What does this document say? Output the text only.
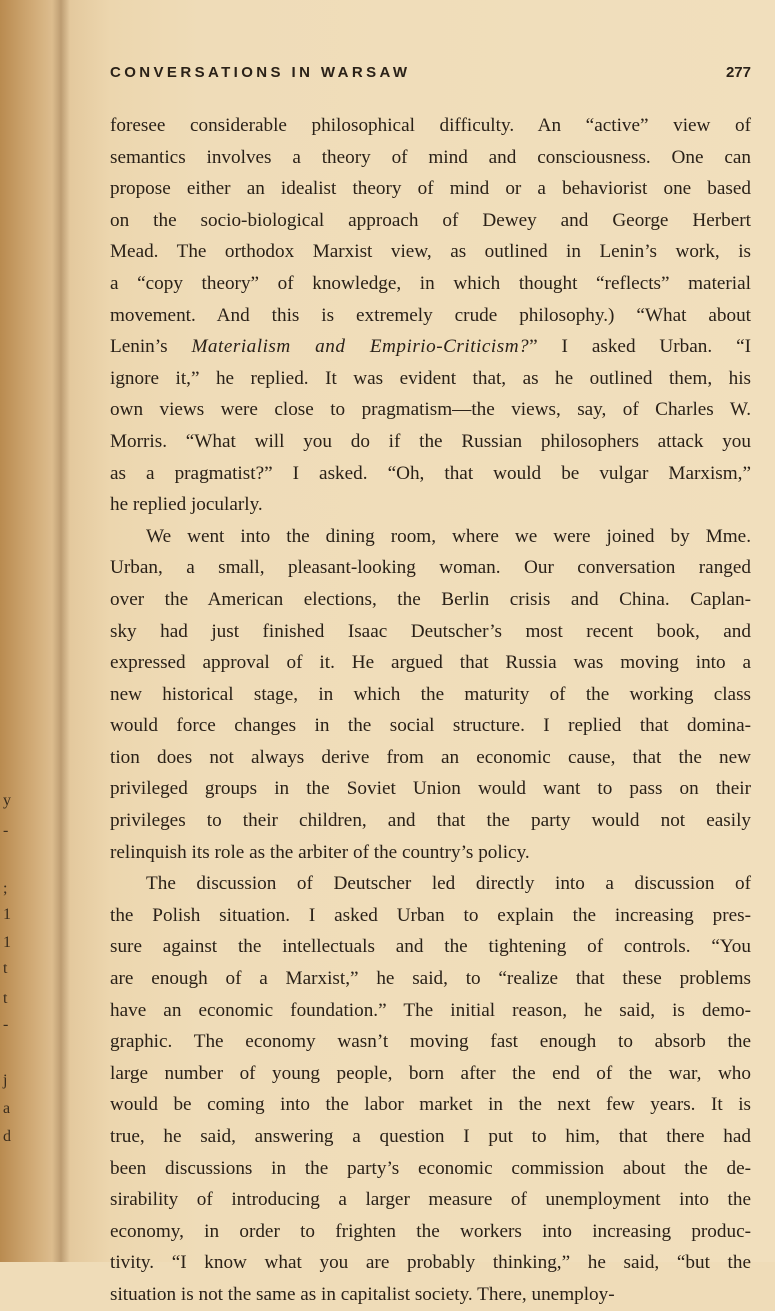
y
-
;
1
1
t
t
-
j
a
d
CONVERSATIONS IN WARSAW	277
foresee considerable philosophical difficulty. An “active” view of
semantics involves a theory of mind and consciousness. One can
propose either an idealist theory of mind or a behaviorist one based
on the socio-biological approach of Dewey and George Herbert
Mead. The orthodox Marxist view, as outlined in Lenin’s work, is
a “copy theory” of knowledge, in which thought “reflects” material
movement. And this is extremely crude philosophy.) “What about
Lenin’s Materialism and Empirio-Criticism?” I asked Urban. “I
ignore it,” he replied. It was evident that, as he outlined them, his
own views were close to pragmatism—the views, say, of Charles W.
Morris. “What will you do if the Russian philosophers attack you
as a pragmatist?” I asked. “Oh, that would be vulgar Marxism,”
he replied jocularly.
We went into the dining room, where we were joined by Mme.
Urban, a small, pleasant-looking woman. Our conversation ranged
over the American elections, the Berlin crisis and China. Caplan-
sky had just finished Isaac Deutscher’s most recent book, and
expressed approval of it. He argued that Russia was moving into a
new historical stage, in which the maturity of the working class
would force changes in the social structure. I replied that domina-
tion does not always derive from an economic cause, that the new
privileged groups in the Soviet Union would want to pass on their
privileges to their children, and that the party would not easily
relinquish its role as the arbiter of the country’s policy.
The discussion of Deutscher led directly into a discussion of
the Polish situation. I asked Urban to explain the increasing pres-
sure against the intellectuals and the tightening of controls. “You
are enough of a Marxist,” he said, to “realize that these problems
have an economic foundation.” The initial reason, he said, is demo-
graphic. The economy wasn’t moving fast enough to absorb the
large number of young people, born after the end of the war, who
would be coming into the labor market in the next few years. It is
true, he said, answering a question I put to him, that there had
been discussions in the party’s economic commission about the de-
sirability of introducing a larger measure of unemployment into the
economy, in order to frighten the workers into increasing produc-
tivity. “I know what you are probably thinking,” he said, “but the
situation is not the same as in capitalist society. There, unemploy-
